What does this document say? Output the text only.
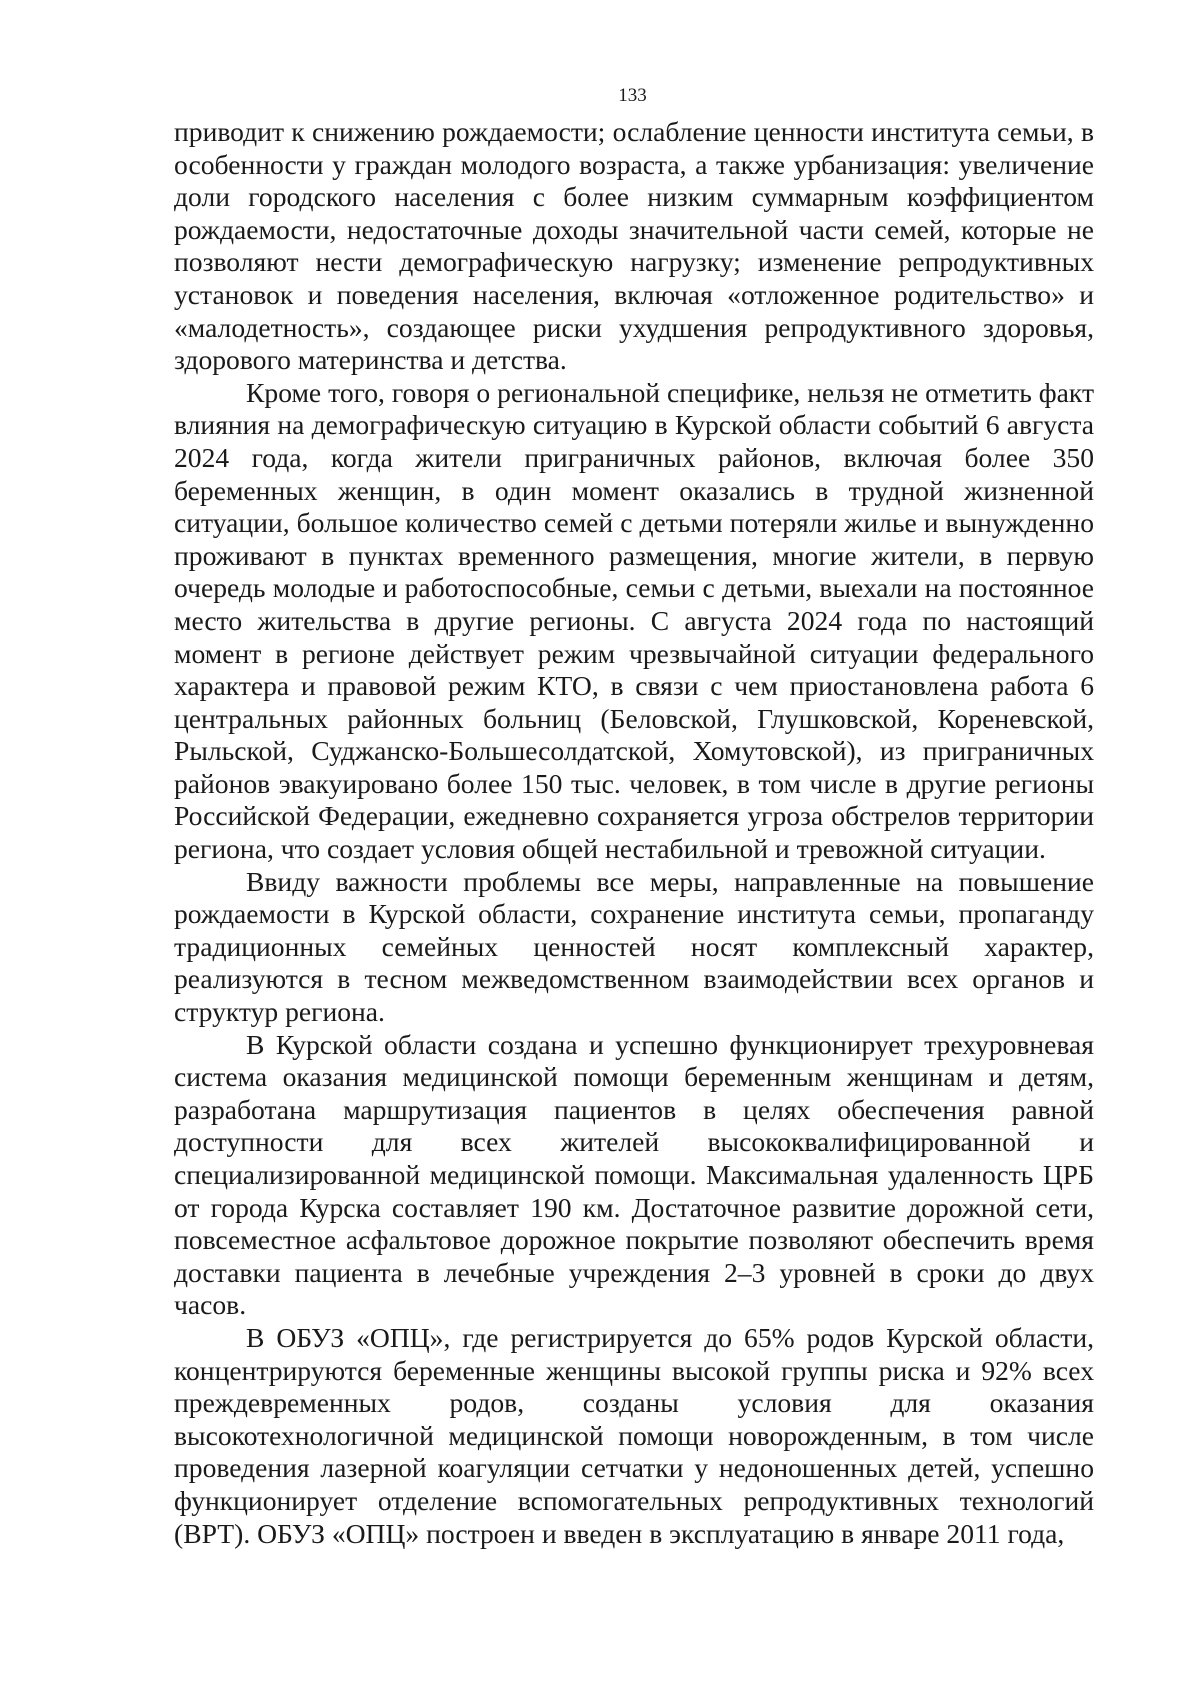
133

приводит к снижению рождаемости; ослабление ценности института семьи, в особенности у граждан молодого возраста, а также урбанизация: увеличение доли городского населения с более низким суммарным коэффициентом рождаемости, недостаточные доходы значительной части семей, которые не позволяют нести демографическую нагрузку; изменение репродуктивных установок и поведения населения, включая «отложенное родительство» и «малодетность», создающее риски ухудшения репродуктивного здоровья, здорового материнства и детства.

Кроме того, говоря о региональной специфике, нельзя не отметить факт влияния на демографическую ситуацию в Курской области событий 6 августа 2024 года, когда жители приграничных районов, включая более 350 беременных женщин, в один момент оказались в трудной жизненной ситуации, большое количество семей с детьми потеряли жилье и вынужденно проживают в пунктах временного размещения, многие жители, в первую очередь молодые и работоспособные, семьи с детьми, выехали на постоянное место жительства в другие регионы. С августа 2024 года по настоящий момент в регионе действует режим чрезвычайной ситуации федерального характера и правовой режим КТО, в связи с чем приостановлена работа 6 центральных районных больниц (Беловской, Глушковской, Кореневской, Рыльской, Суджанско-Большесолдатской, Хомутовской), из приграничных районов эвакуировано более 150 тыс. человек, в том числе в другие регионы Российской Федерации, ежедневно сохраняется угроза обстрелов территории региона, что создает условия общей нестабильной и тревожной ситуации.

Ввиду важности проблемы все меры, направленные на повышение рождаемости в Курской области, сохранение института семьи, пропаганду традиционных семейных ценностей носят комплексный характер, реализуются в тесном межведомственном взаимодействии всех органов и структур региона.

В Курской области создана и успешно функционирует трехуровневая система оказания медицинской помощи беременным женщинам и детям, разработана маршрутизация пациентов в целях обеспечения равной доступности для всех жителей высококвалифицированной и специализированной медицинской помощи. Максимальная удаленность ЦРБ от города Курска составляет 190 км. Достаточное развитие дорожной сети, повсеместное асфальтовое дорожное покрытие позволяют обеспечить время доставки пациента в лечебные учреждения 2–3 уровней в сроки до двух часов.

В ОБУЗ «ОПЦ», где регистрируется до 65% родов Курской области, концентрируются беременные женщины высокой группы риска и 92% всех преждевременных родов, созданы условия для оказания высокотехнологичной медицинской помощи новорожденным, в том числе проведения лазерной коагуляции сетчатки у недоношенных детей, успешно функционирует отделение вспомогательных репродуктивных технологий (ВРТ). ОБУЗ «ОПЦ» построен и введен в эксплуатацию в январе 2011 года,
